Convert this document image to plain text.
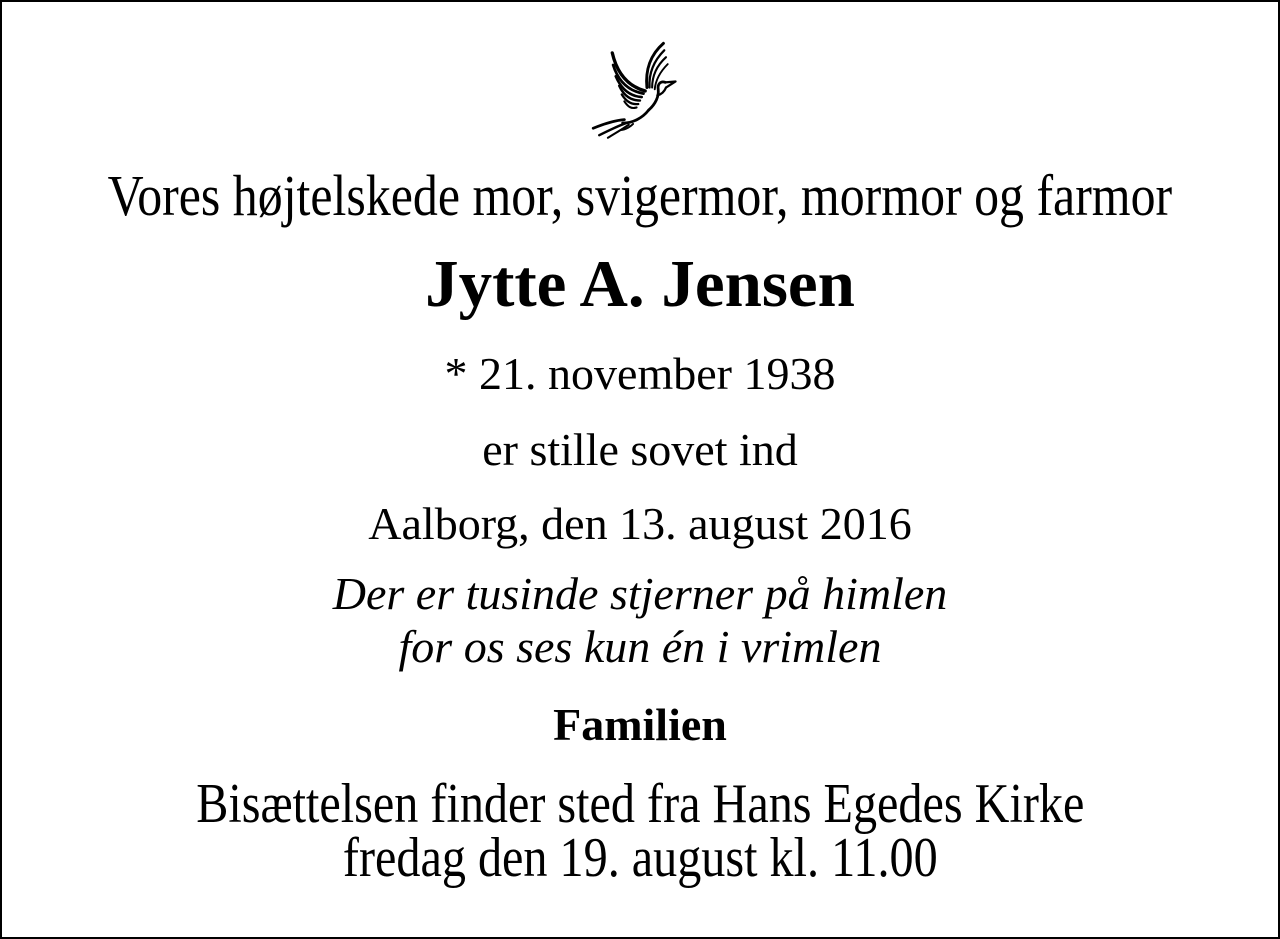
Vores højtelskede mor, svigermor, mormor og farmor
Jytte A. Jensen
* 21. november 1938
er stille sovet ind
Aalborg, den 13. august 2016
Der er tusinde stjerner på himlen
for os ses kun én i vrimlen
Familien
Bisættelsen finder sted fra Hans Egedes Kirke
fredag den 19. august kl. 11.00
